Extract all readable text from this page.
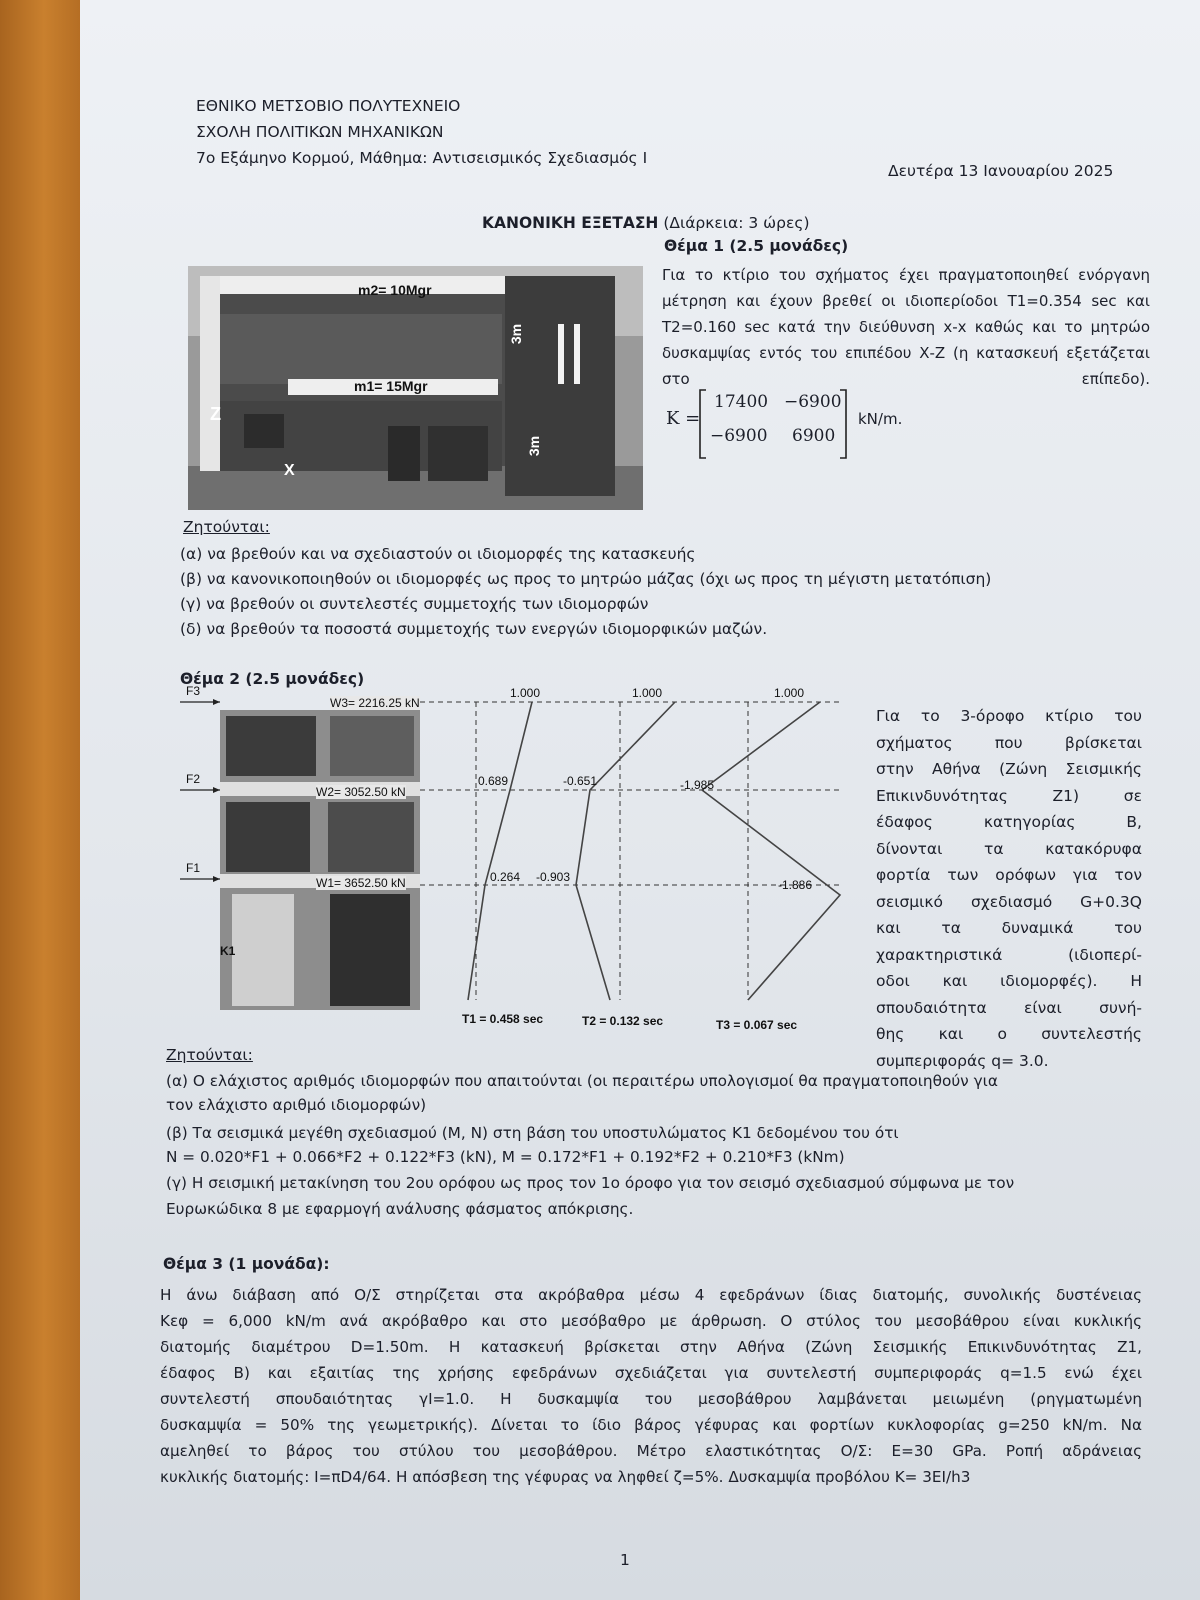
ΕΘΝΙΚΟ ΜΕΤΣΟΒΙΟ ΠΟΛΥΤΕΧΝΕΙΟ

ΣΧΟΛΗ ΠΟΛΙΤΙΚΩΝ ΜΗΧΑΝΙΚΩΝ

7ο Εξάμηνο Κορμού, Μάθημα: Αντισεισμικός Σχεδιασμός Ι

Δευτέρα 13 Ιανουαρίου 2025

ΚΑΝΟΝΙΚΗ ΕΞΕΤΑΣΗ (Διάρκεια: 3 ώρες)

Θέμα 1 (2.5 μονάδες)

Για το κτίριο του σχήματος έχει πραγματοποιηθεί ενόργανη μέτρηση και έχουν βρεθεί οι ιδιοπερίοδοι T1=0.354 sec και T2=0.160 sec κατά την διεύθυνση x-x καθώς και το μητρώο δυσκαμψίας εντός του επιπέδου Χ-Ζ (η κατασκευή εξετάζεται στο επίπεδο).

K =
17400 −6900
−6900 6900
kN/m.
m2= 10Mgr
m1= 15Mgr
3m
3m
Z
X

Ζητούνται:

(α) να βρεθούν και να σχεδιαστούν οι ιδιομορφές της κατασκευής

(β) να κανονικοποιηθούν οι ιδιομορφές ως προς το μητρώο μάζας (όχι ως προς τη μέγιστη μετατόπιση)

(γ) να βρεθούν οι συντελεστές συμμετοχής των ιδιομορφών

(δ) να βρεθούν τα ποσοστά συμμετοχής των ενεργών ιδιομορφικών μαζών.

Θέμα 2 (2.5 μονάδες)

F3
F2
F1
W3= 2216.25 kN
W2= 3052.50 kN
W1= 3652.50 kN
K1
1.000
0.689
0.264
1.000
-0.651
-0.903
1.000
-1.985
-1.886
T1 = 0.458 sec	T2 = 0.132 sec	T3 = 0.067 sec
Για το 3-όροφο κτίριο του
σχήματος που βρίσκεται
στην Αθήνα (Ζώνη Σεισμικής
Επικινδυνότητας Ζ1) σε
έδαφος κατηγορίας Β,
δίνονται τα κατακόρυφα
φορτία των ορόφων για τον
σεισμικό σχεδιασμό G+0.3Q
και τα δυναμικά του
χαρακτηριστικά (ιδιοπερί-
οδοι και ιδιομορφές). Η
σπουδαιότητα είναι συνή-
θης και ο συντελεστής
συμπεριφοράς q= 3.0.

Ζητούνται:

(α) Ο ελάχιστος αριθμός ιδιομορφών που απαιτούνται (οι περαιτέρω υπολογισμοί θα πραγματοποιηθούν για

τον ελάχιστο αριθμό ιδιομορφών)

(β) Τα σεισμικά μεγέθη σχεδιασμού (Μ, Ν) στη βάση του υποστυλώματος Κ1 δεδομένου του ότι

N = 0.020*F1 + 0.066*F2 + 0.122*F3 (kN), M = 0.172*F1 + 0.192*F2 + 0.210*F3 (kNm)

(γ) Η σεισμική μετακίνηση του 2ου ορόφου ως προς τον 1ο όροφο για τον σεισμό σχεδιασμού σύμφωνα με τον

Ευρωκώδικα 8 με εφαρμογή ανάλυσης φάσματος απόκρισης.

Θέμα 3 (1 μονάδα):

Η άνω διάβαση από Ο/Σ στηρίζεται στα ακρόβαθρα μέσω 4 εφεδράνων ίδιας διατομής, συνολικής δυστένειας
Κεφ = 6,000 kN/m ανά ακρόβαθρο και στο μεσόβαθρο με άρθρωση. Ο στύλος του μεσοβάθρου είναι κυκλικής
διατομής διαμέτρου D=1.50m. Η κατασκευή βρίσκεται στην Αθήνα (Ζώνη Σεισμικής Επικινδυνότητας Ζ1,
έδαφος Β) και εξαιτίας της χρήσης εφεδράνων σχεδιάζεται για συντελεστή συμπεριφοράς q=1.5 ενώ έχει
συντελεστή σπουδαιότητας γI=1.0. Η δυσκαμψία του μεσοβάθρου λαμβάνεται μειωμένη (ρηγματωμένη
δυσκαμψία = 50% της γεωμετρικής). Δίνεται το ίδιο βάρος γέφυρας και φορτίων κυκλοφορίας g=250 kN/m. Να
αμεληθεί το βάρος του στύλου του μεσοβάθρου. Μέτρο ελαστικότητας Ο/Σ: Ε=30 GPa. Ροπή αδράνειας
κυκλικής διατομής: I=πD4/64. Η απόσβεση της γέφυρας να ληφθεί ζ=5%. Δυσκαμψία προβόλου K= 3EI/h3

1
